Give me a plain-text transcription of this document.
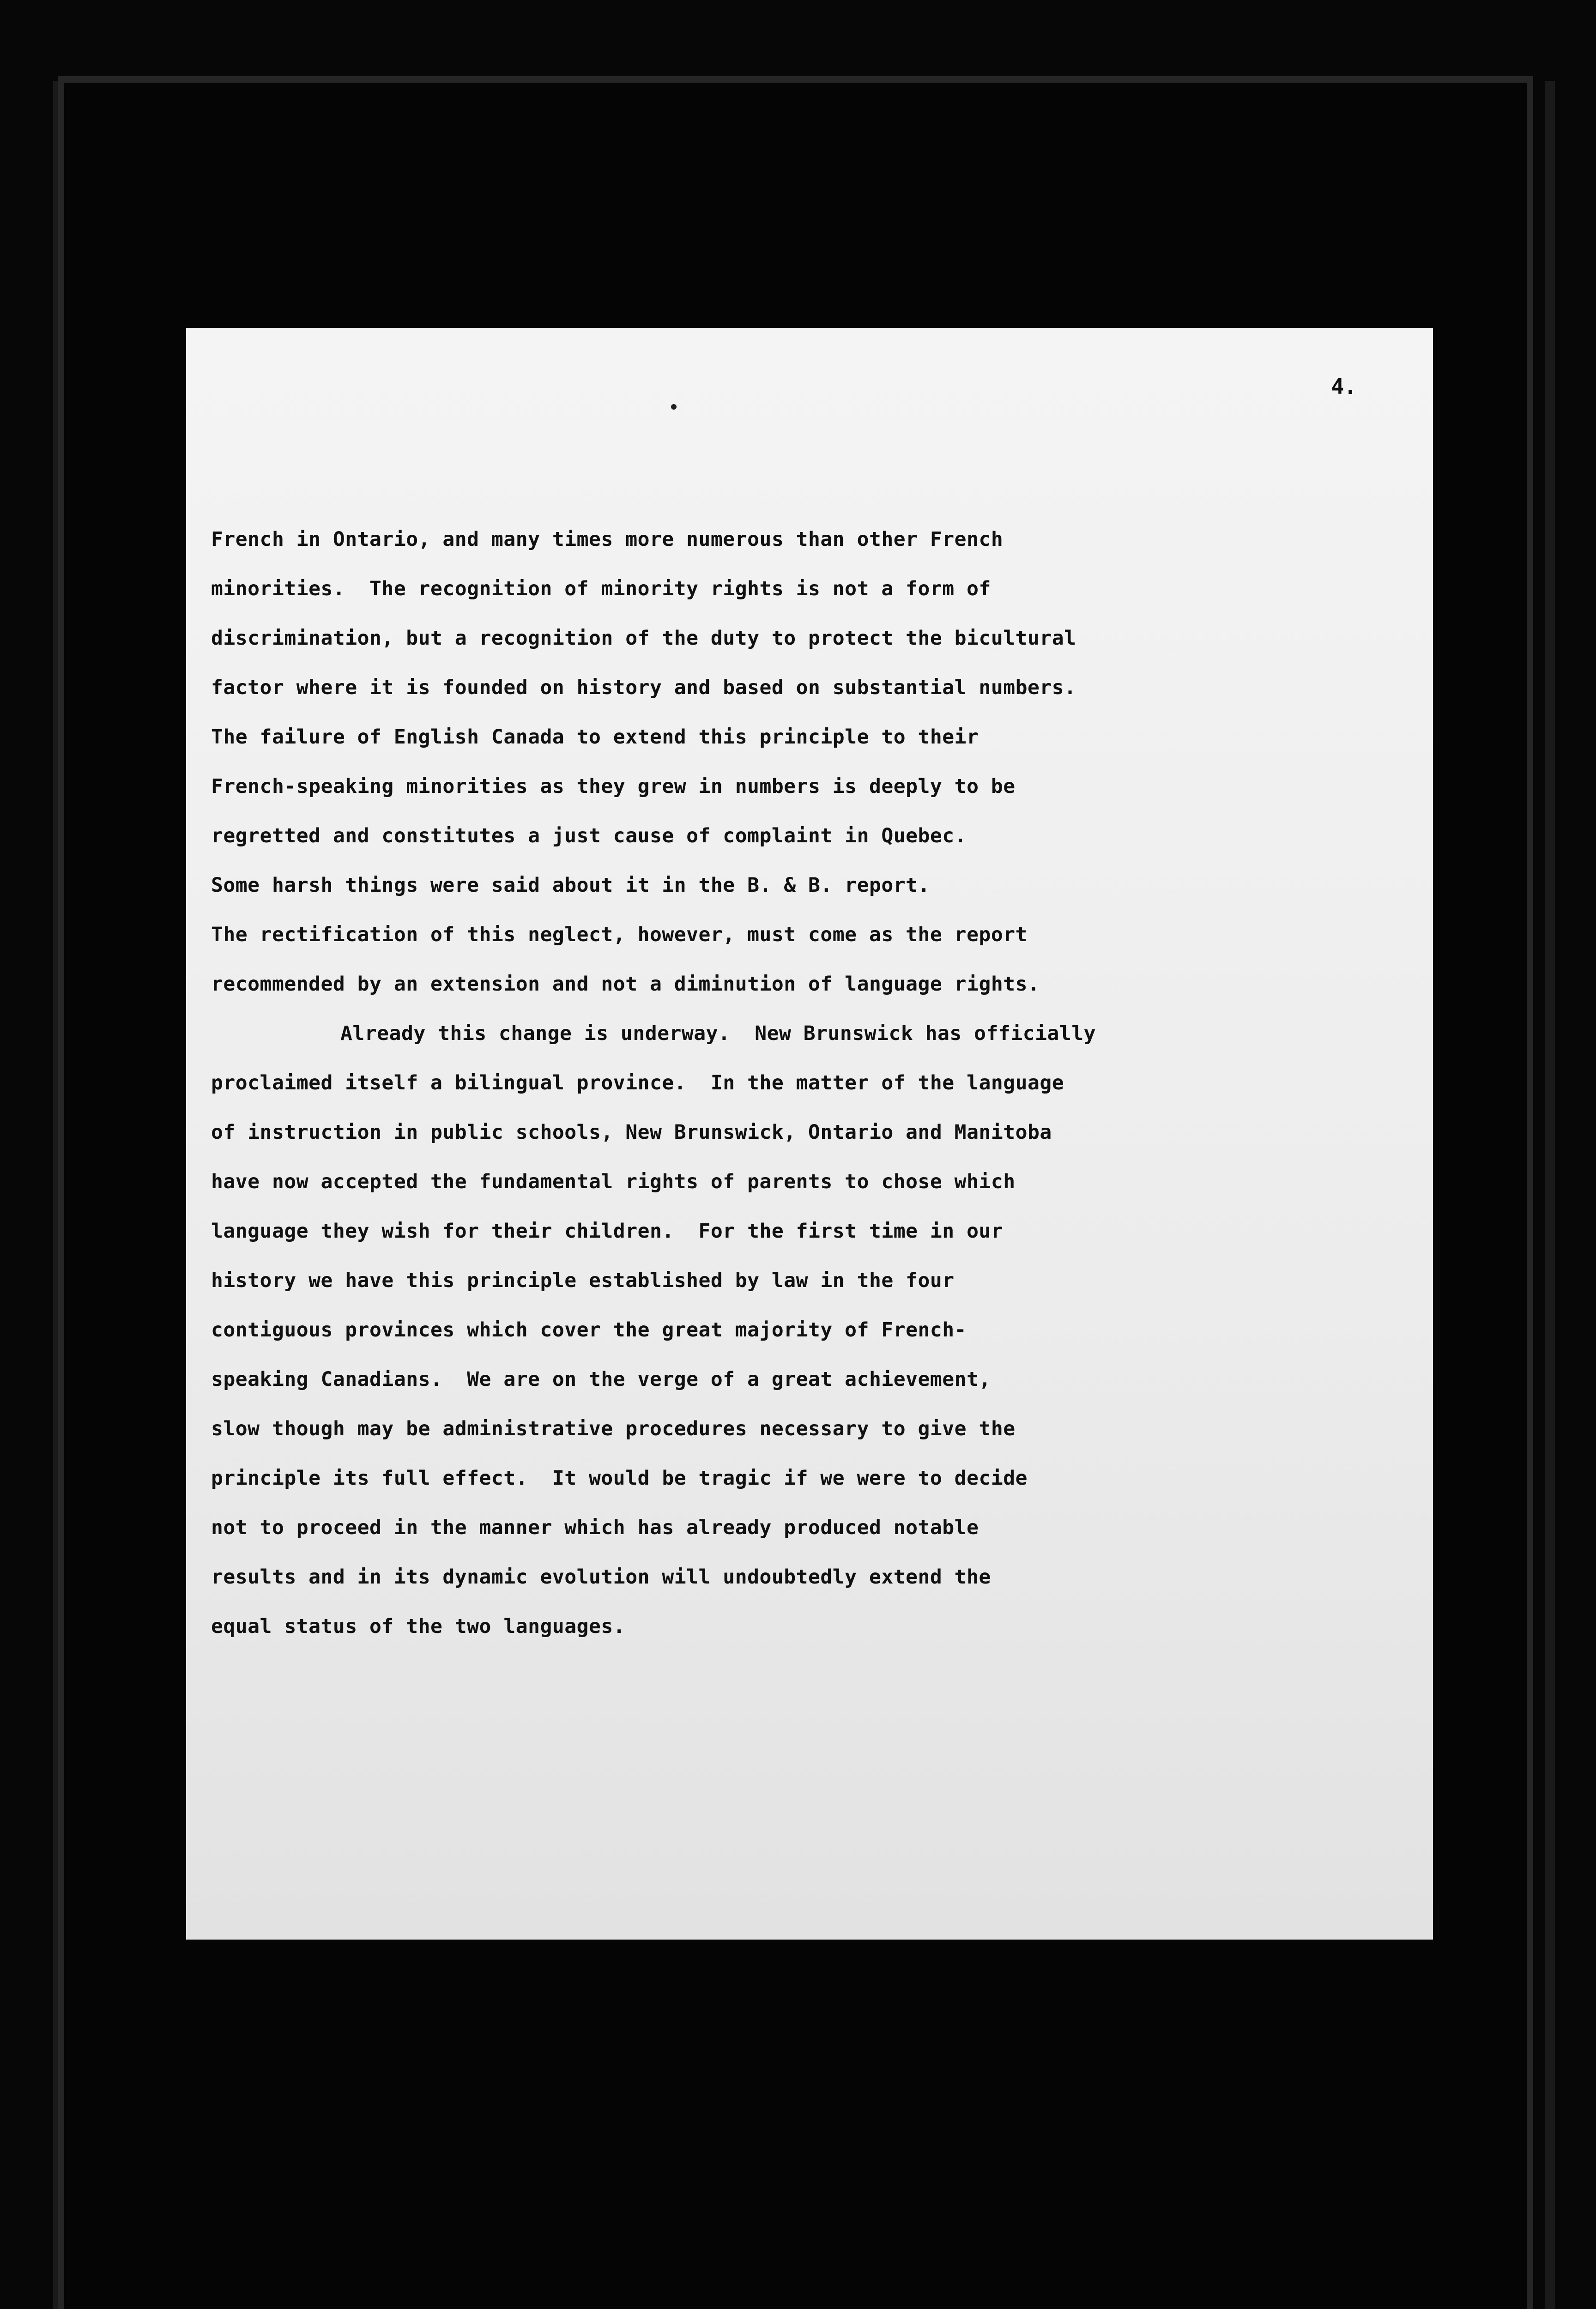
4.
French in Ontario, and many times more numerous than other French
minorities.  The recognition of minority rights is not a form of
discrimination, but a recognition of the duty to protect the bicultural
factor where it is founded on history and based on substantial numbers.
The failure of English Canada to extend this principle to their
French-speaking minorities as they grew in numbers is deeply to be
regretted and constitutes a just cause of complaint in Quebec.
Some harsh things were said about it in the B. & B. report.
The rectification of this neglect, however, must come as the report
recommended by an extension and not a diminution of language rights.
Already this change is underway.  New Brunswick has officially
proclaimed itself a bilingual province.  In the matter of the language
of instruction in public schools, New Brunswick, Ontario and Manitoba
have now accepted the fundamental rights of parents to chose which
language they wish for their children.  For the first time in our
history we have this principle established by law in the four
contiguous provinces which cover the great majority of French-
speaking Canadians.  We are on the verge of a great achievement,
slow though may be administrative procedures necessary to give the
principle its full effect.  It would be tragic if we were to decide
not to proceed in the manner which has already produced notable
results and in its dynamic evolution will undoubtedly extend the
equal status of the two languages.
